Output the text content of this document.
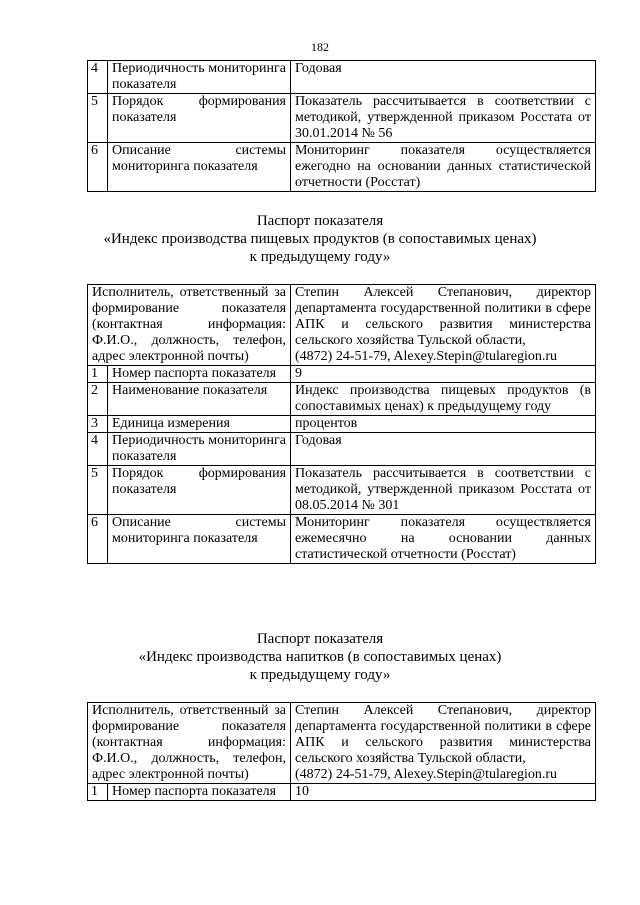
182
4	Периодичность мониторинга показателя	Годовая
5	Порядок формирования показателя	Показатель рассчитывается в соответствии с методикой, утвержденной приказом Росстата от 30.01.2014 № 56
6	Описание системы мониторинга показателя	Мониторинг показателя осуществляется ежегодно на основании данных статистической отчетности (Росстат)
Паспорт показателя
«Индекс производства пищевых продуктов (в сопоставимых ценах)
к предыдущему году»
Исполнитель, ответственный за формирование показателя (контактная информация: Ф.И.О., должность, телефон, адрес электронной почты)		Степин Алексей Степанович, директор департамента государственной политики в сфере АПК и сельского развития министерства сельского хозяйства Тульской области,
(4872) 24-51-79, Alexey.Stepin@tularegion.ru

1	Номер паспорта показателя	9
2	Наименование показателя	Индекс производства пищевых продуктов (в сопоставимых ценах) к предыдущему году
3	Единица измерения	процентов
4	Периодичность мониторинга показателя	Годовая
5	Порядок формирования показателя	Показатель рассчитывается в соответствии с методикой, утвержденной приказом Росстата от 08.05.2014 № 301
6	Описание системы мониторинга показателя	Мониторинг показателя осуществляется ежемесячно на основании данных статистической отчетности (Росстат)
Паспорт показателя
«Индекс производства напитков (в сопоставимых ценах)
к предыдущему году»
Исполнитель, ответственный за формирование показателя (контактная информация: Ф.И.О., должность, телефон, адрес электронной почты)		Степин Алексей Степанович, директор департамента государственной политики в сфере АПК и сельского развития министерства сельского хозяйства Тульской области,
(4872) 24-51-79, Alexey.Stepin@tularegion.ru

1	Номер паспорта показателя	10
